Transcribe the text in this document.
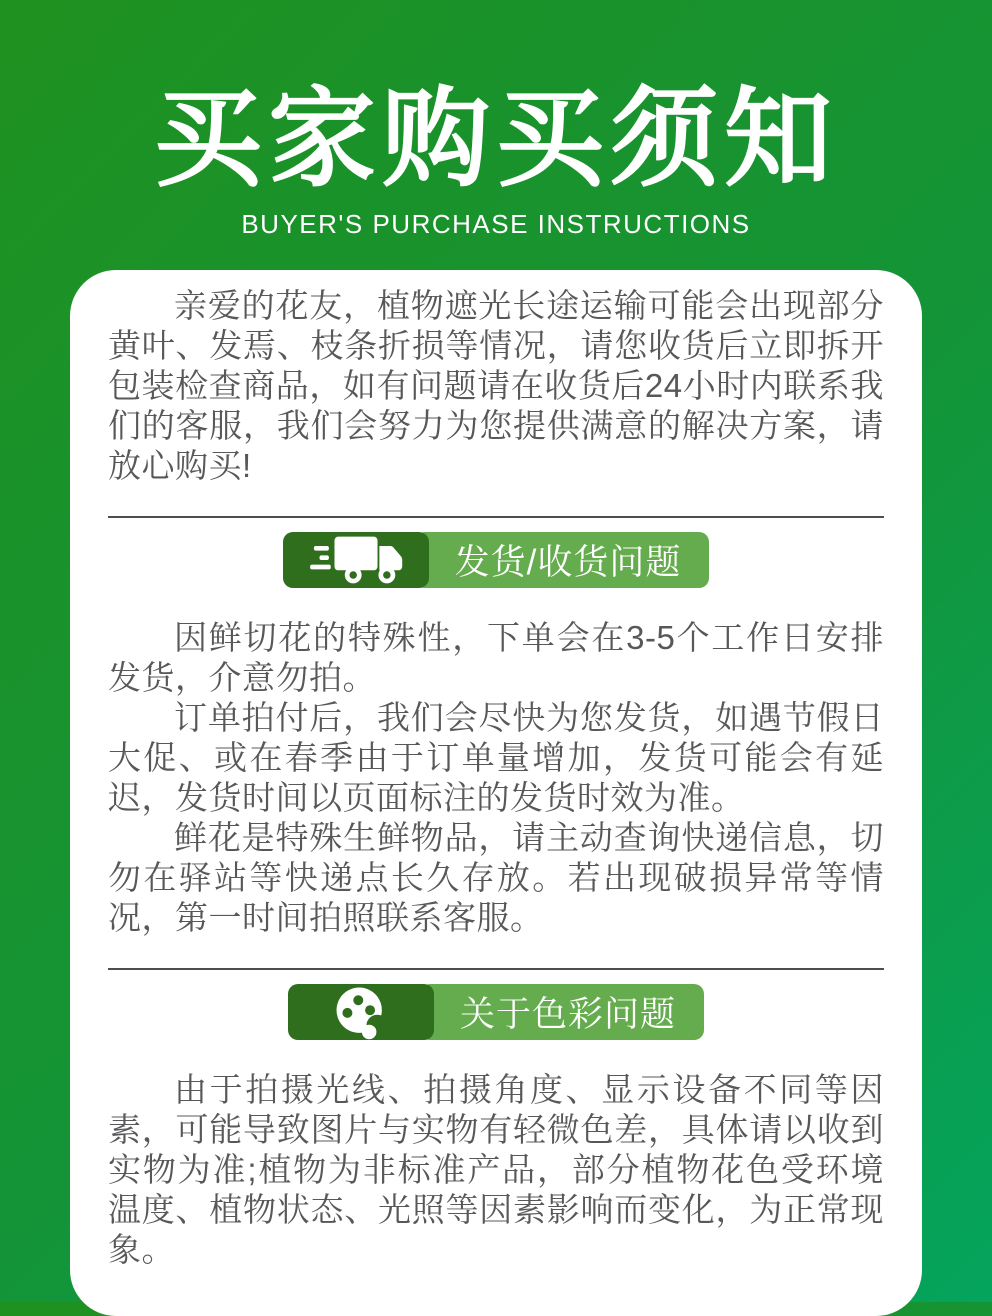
买家购买须知
BUYER'S PURCHASE INSTRUCTIONS

亲爱的花友，植物遮光长途运输可能会出现部分黄叶、发焉、枝条折损等情况，请您收货后立即拆开包装检查商品，如有问题请在收货后24小时内联系我们的客服，我们会努力为您提供满意的解决方案，请放心购买!

发货/收货问题

因鲜切花的特殊性，下单会在3-5个工作日安排发货，介意勿拍。

订单拍付后，我们会尽快为您发货，如遇节假日大促、或在春季由于订单量增加，发货可能会有延迟，发货时间以页面标注的发货时效为准。

鲜花是特殊生鲜物品，请主动查询快递信息，切勿在驿站等快递点长久存放。若出现破损异常等情况，第一时间拍照联系客服。

关于色彩问题

由于拍摄光线、拍摄角度、显示设备不同等因素，可能导致图片与实物有轻微色差，具体请以收到实物为准;植物为非标准产品，部分植物花色受环境温度、植物状态、光照等因素影响而变化，为正常现象。
